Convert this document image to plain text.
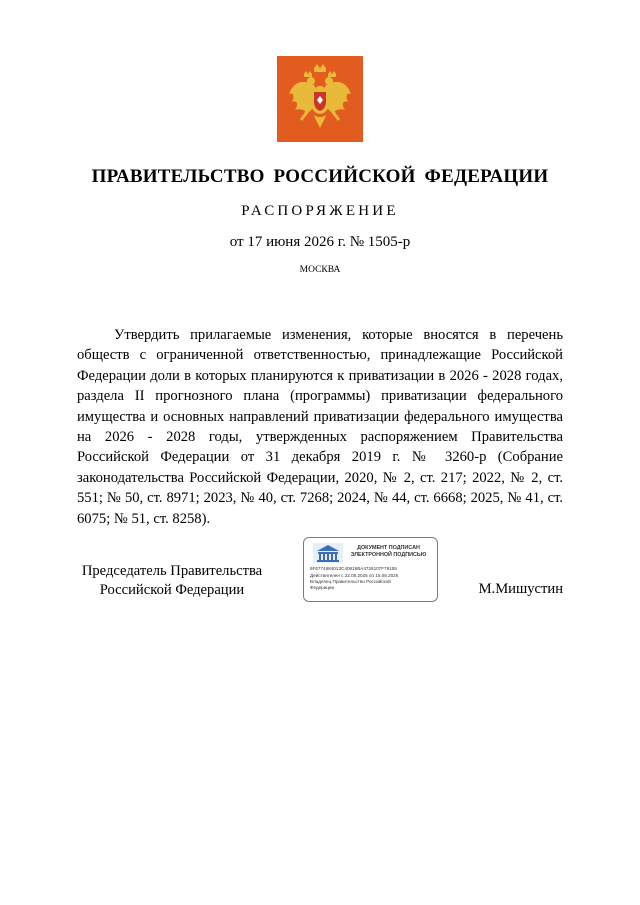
ПРАВИТЕЛЬСТВО РОССИЙСКОЙ ФЕДЕРАЦИИ
РАСПОРЯЖЕНИЕ
от 17 июня 2026 г. № 1505-р
МОСКВА

Утвердить прилагаемые изменения, которые вносятся в перечень обществ с ограниченной ответственностью, принадлежащие Российской Федерации доли в которых планируются к приватизации в 2026 - 2028 годах, раздела II прогнозного плана (программы) приватизации федерального имущества и основных направлений приватизации федерального имущества на 2026 - 2028 годы, утвержденных распоряжением Правительства Российской Федерации от 31 декабря 2019 г. № 3260-р (Собрание законодательства Российской Федерации, 2020, № 2, ст. 217; 2022, № 2, ст. 551; № 50, ст. 8971; 2023, № 40, ст. 7268; 2024, № 44, ст. 6668; 2025, № 41, ст. 6075; № 51, ст. 8258).

Председатель Правительства
Российской Федерации
ДОКУМЕНТ ПОДПИСАН
ЭЛЕКТРОННОЙ ПОДПИСЬЮ
6F677468401ЗC40818BA4726107F79155
Действителен с 22.05.2025 по 15.08.2026
Владелец Правительство Российской
Федерации	М.Мишустин
